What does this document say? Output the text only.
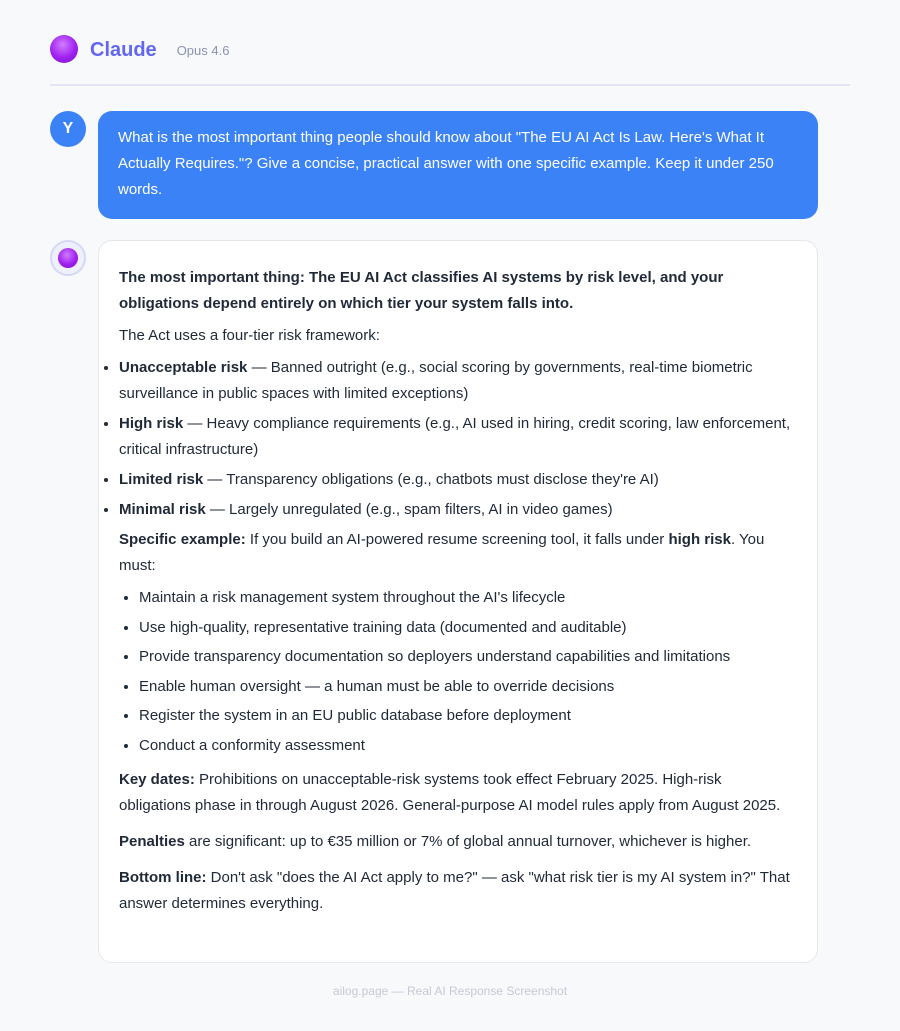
Claude Opus 4.6
Y
What is the most important thing people should know about "The EU AI Act Is Law. Here's What It Actually Requires."? Give a concise, practical answer with one specific example. Keep it under 250 words.

The most important thing: The EU AI Act classifies AI systems by risk level, and your obligations depend entirely on which tier your system falls into.

The Act uses a four-tier risk framework:

• Unacceptable risk — Banned outright (e.g., social scoring by governments, real-time biometric surveillance in public spaces with limited exceptions)
• High risk — Heavy compliance requirements (e.g., AI used in hiring, credit scoring, law enforcement, critical infrastructure)
• Limited risk — Transparency obligations (e.g., chatbots must disclose they're AI)
• Minimal risk — Largely unregulated (e.g., spam filters, AI in video games)

Specific example: If you build an AI-powered resume screening tool, it falls under high risk. You must:

• Maintain a risk management system throughout the AI's lifecycle
• Use high-quality, representative training data (documented and auditable)
• Provide transparency documentation so deployers understand capabilities and limitations
• Enable human oversight — a human must be able to override decisions
• Register the system in an EU public database before deployment
• Conduct a conformity assessment

Key dates: Prohibitions on unacceptable-risk systems took effect February 2025. High-risk obligations phase in through August 2026. General-purpose AI model rules apply from August 2025.

Penalties are significant: up to €35 million or 7% of global annual turnover, whichever is higher.

Bottom line: Don't ask "does the AI Act apply to me?" — ask "what risk tier is my AI system in?" That answer determines everything.

ailog.page — Real AI Response Screenshot
